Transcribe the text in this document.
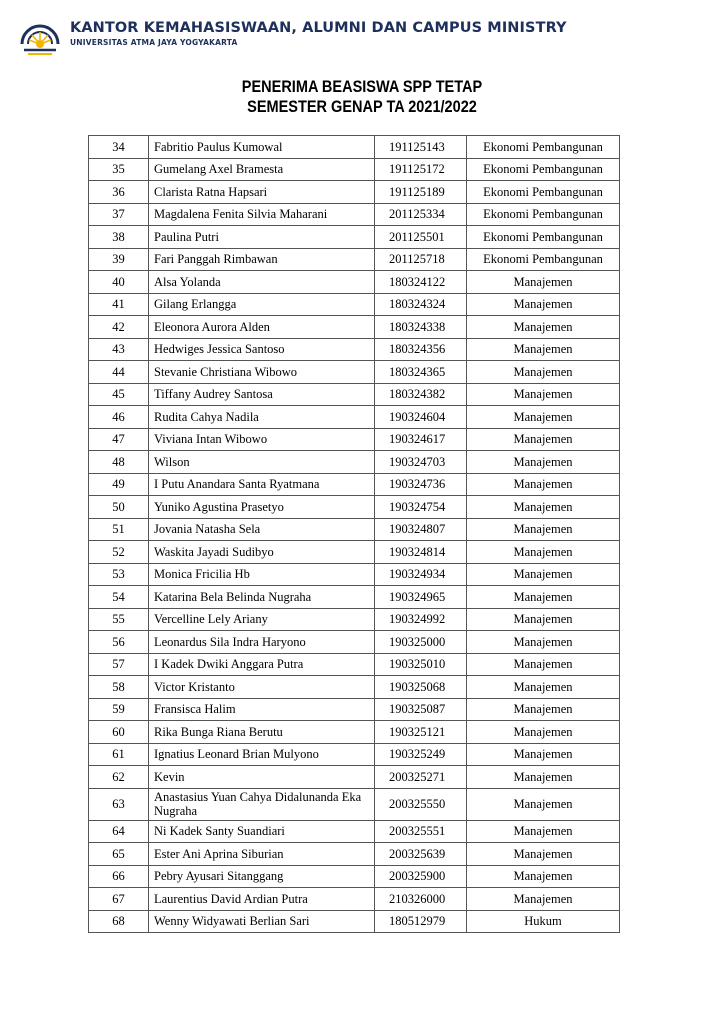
KANTOR KEMAHASISWAAN, ALUMNI DAN CAMPUS MINISTRY
UNIVERSITAS ATMA JAYA YOGYAKARTA
PENERIMA BEASISWA SPP TETAP
SEMESTER GENAP TA 2021/2022
34	Fabritio Paulus Kumowal	191125143	Ekonomi Pembangunan
35	Gumelang Axel Bramesta	191125172	Ekonomi Pembangunan
36	Clarista Ratna Hapsari	191125189	Ekonomi Pembangunan
37	Magdalena Fenita Silvia Maharani	201125334	Ekonomi Pembangunan
38	Paulina Putri	201125501	Ekonomi Pembangunan
39	Fari Panggah Rimbawan	201125718	Ekonomi Pembangunan
40	Alsa Yolanda	180324122	Manajemen
41	Gilang Erlangga	180324324	Manajemen
42	Eleonora Aurora Alden	180324338	Manajemen
43	Hedwiges Jessica Santoso	180324356	Manajemen
44	Stevanie Christiana Wibowo	180324365	Manajemen
45	Tiffany Audrey Santosa	180324382	Manajemen
46	Rudita Cahya Nadila	190324604	Manajemen
47	Viviana Intan Wibowo	190324617	Manajemen
48	Wilson	190324703	Manajemen
49	I Putu Anandara Santa Ryatmana	190324736	Manajemen
50	Yuniko Agustina Prasetyo	190324754	Manajemen
51	Jovania Natasha Sela	190324807	Manajemen
52	Waskita Jayadi Sudibyo	190324814	Manajemen
53	Monica Fricilia Hb	190324934	Manajemen
54	Katarina Bela Belinda Nugraha	190324965	Manajemen
55	Vercelline Lely Ariany	190324992	Manajemen
56	Leonardus Sila Indra Haryono	190325000	Manajemen
57	I Kadek Dwiki Anggara Putra	190325010	Manajemen
58	Victor Kristanto	190325068	Manajemen
59	Fransisca Halim	190325087	Manajemen
60	Rika Bunga Riana Berutu	190325121	Manajemen
61	Ignatius Leonard Brian Mulyono	190325249	Manajemen
62	Kevin	200325271	Manajemen
63	Anastasius Yuan Cahya Didalunanda Eka Nugraha	200325550	Manajemen
64	Ni Kadek Santy Suandiari	200325551	Manajemen
65	Ester Ani Aprina Siburian	200325639	Manajemen
66	Pebry Ayusari Sitanggang	200325900	Manajemen
67	Laurentius David Ardian Putra	210326000	Manajemen
68	Wenny Widyawati Berlian Sari	180512979	Hukum
